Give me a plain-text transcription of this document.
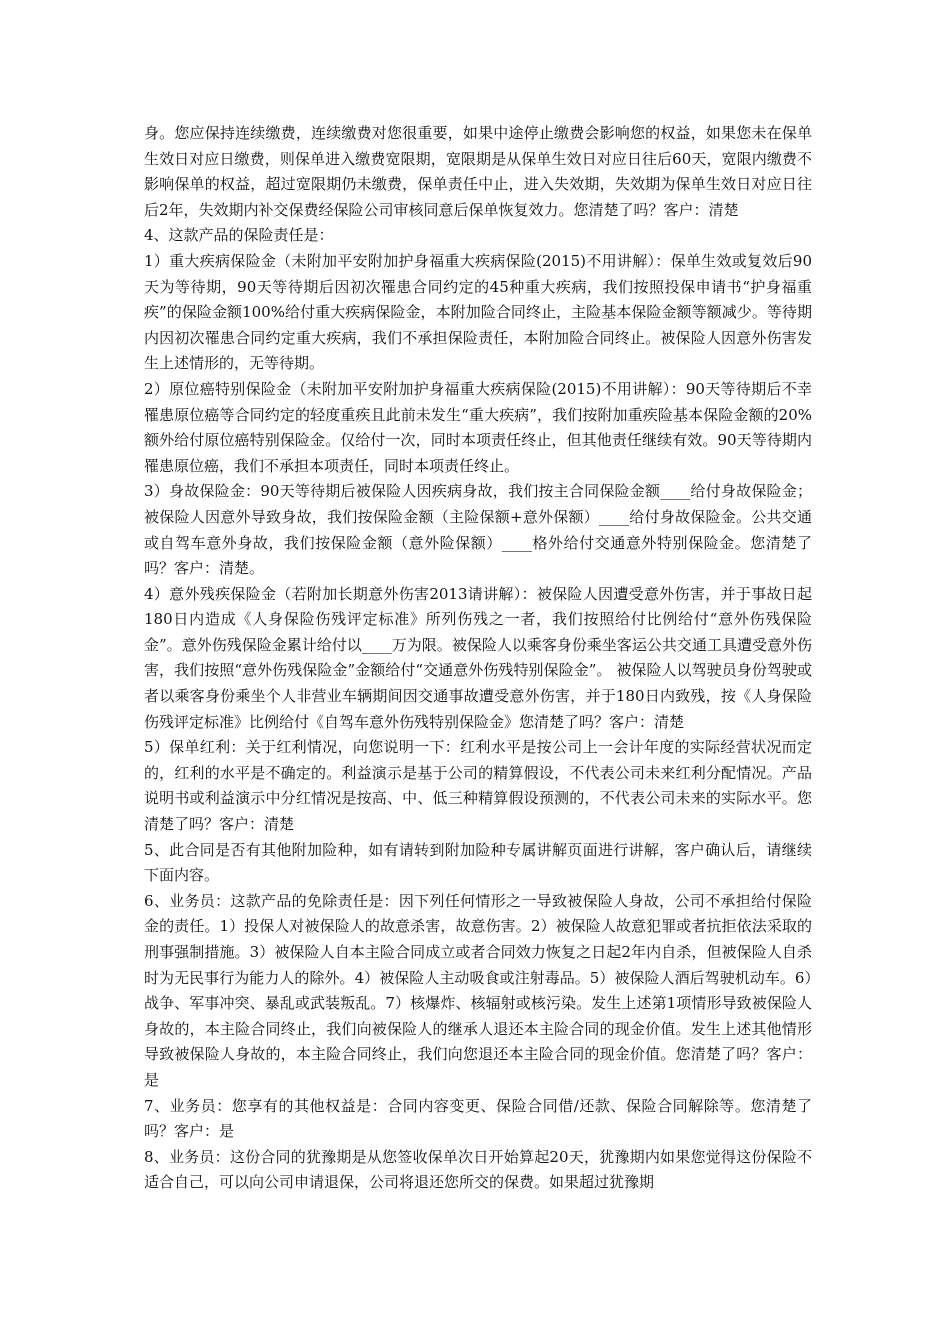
身。您应保持连续缴费，连续缴费对您很重要，如果中途停止缴费会影响您的权益，如果您未在保单生效日对应日缴费，则保单进入缴费宽限期，宽限期是从保单生效日对应日往后60天，宽限内缴费不影响保单的权益，超过宽限期仍未缴费，保单责任中止，进入失效期，失效期为保单生效日对应日往后2年，失效期内补交保费经保险公司审核同意后保单恢复效力。您清楚了吗？客户：清楚

4、这款产品的保险责任是：

1）重大疾病保险金（未附加平安附加护身福重大疾病保险(2015)不用讲解）：保单生效或复效后90天为等待期，90天等待期后因初次罹患合同约定的45种重大疾病，我们按照投保申请书“护身福重疾”的保险金额100%给付重大疾病保险金，本附加险合同终止，主险基本保险金额等额减少。等待期内因初次罹患合同约定重大疾病，我们不承担保险责任，本附加险合同终止。被保险人因意外伤害发生上述情形的，无等待期。

2）原位癌特别保险金（未附加平安附加护身福重大疾病保险(2015)不用讲解）：90天等待期后不幸罹患原位癌等合同约定的轻度重疾且此前未发生“重大疾病”，我们按附加重疾险基本保险金额的20%额外给付原位癌特别保险金。仅给付一次，同时本项责任终止，但其他责任继续有效。90天等待期内罹患原位癌，我们不承担本项责任，同时本项责任终止。

3）身故保险金：90天等待期后被保险人因疾病身故，我们按主合同保险金额____给付身故保险金；被保险人因意外导致身故，我们按保险金额（主险保额+意外保额）____给付身故保险金。公共交通或自驾车意外身故，我们按保险金额（意外险保额）____格外给付交通意外特别保险金。您清楚了吗？客户：清楚。

4）意外残疾保险金（若附加长期意外伤害2013请讲解）：被保险人因遭受意外伤害，并于事故日起180日内造成《人身保险伤残评定标准》所列伤残之一者，我们按照给付比例给付“意外伤残保险金”。意外伤残保险金累计给付以____万为限。被保险人以乘客身份乘坐客运公共交通工具遭受意外伤害，我们按照“意外伤残保险金”金额给付“交通意外伤残特别保险金”。 被保险人以驾驶员身份驾驶或者以乘客身份乘坐个人非营业车辆期间因交通事故遭受意外伤害，并于180日内致残，按《人身保险伤残评定标准》比例给付《自驾车意外伤残特别保险金》您清楚了吗？客户：清楚

5）保单红利：关于红利情况，向您说明一下：红利水平是按公司上一会计年度的实际经营状况而定的，红利的水平是不确定的。利益演示是基于公司的精算假设，不代表公司未来红利分配情况。产品说明书或利益演示中分红情况是按高、中、低三种精算假设预测的，不代表公司未来的实际水平。您清楚了吗？客户：清楚

5、此合同是否有其他附加险种，如有请转到附加险种专属讲解页面进行讲解，客户确认后，请继续下面内容。

6、业务员：这款产品的免除责任是：因下列任何情形之一导致被保险人身故，公司不承担给付保险金的责任。1）投保人对被保险人的故意杀害，故意伤害。2）被保险人故意犯罪或者抗拒依法采取的刑事强制措施。3）被保险人自本主险合同成立或者合同效力恢复之日起2年内自杀，但被保险人自杀时为无民事行为能力人的除外。4）被保险人主动吸食或注射毒品。5）被保险人酒后驾驶机动车。6）战争、军事冲突、暴乱或武装叛乱。7）核爆炸、核辐射或核污染。发生上述第1项情形导致被保险人身故的，本主险合同终止，我们向被保险人的继承人退还本主险合同的现金价值。发生上述其他情形导致被保险人身故的，本主险合同终止，我们向您退还本主险合同的现金价值。您清楚了吗？客户：是

7、业务员：您享有的其他权益是：合同内容变更、保险合同借/还款、保险合同解除等。您清楚了吗？客户：是

8、业务员：这份合同的犹豫期是从您签收保单次日开始算起20天，犹豫期内如果您觉得这份保险不适合自己，可以向公司申请退保，公司将退还您所交的保费。如果超过犹豫期
